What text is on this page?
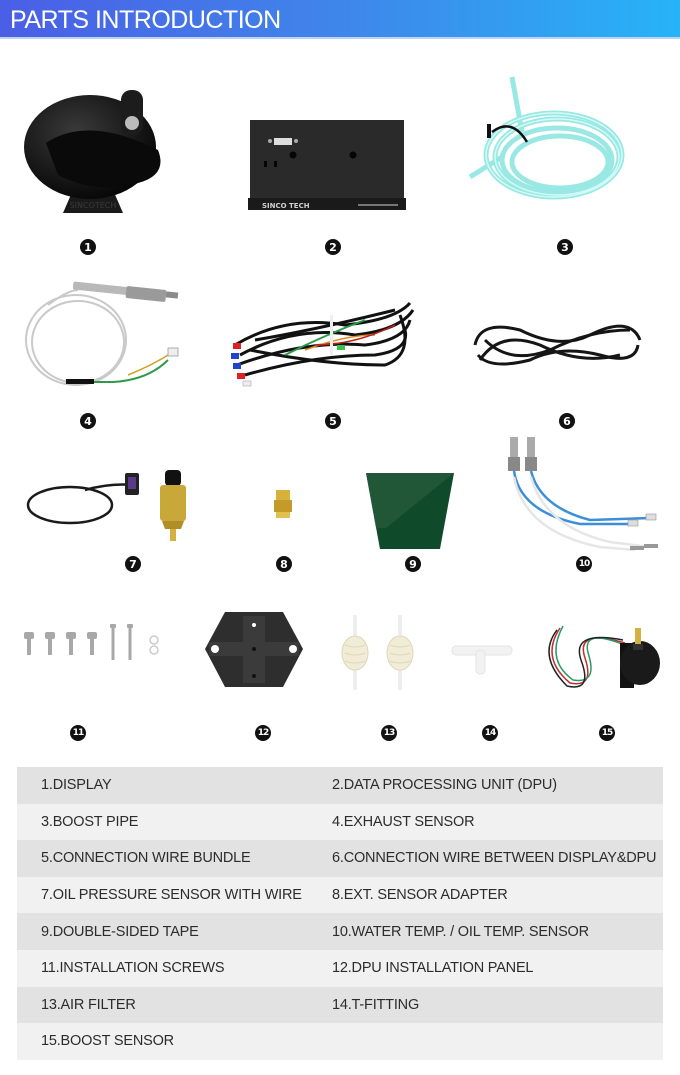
PARTS INTRODUCTION
SINCOTECH
1
SINCO TECH
2	3
4	5	6
7	8	9	10
11	12	13	14	15
1.DISPLAY	2.DATA PROCESSING UNIT (DPU)
3.BOOST PIPE	4.EXHAUST SENSOR
5.CONNECTION WIRE BUNDLE	6.CONNECTION WIRE BETWEEN DISPLAY&DPU
7.OIL PRESSURE SENSOR WITH WIRE	8.EXT. SENSOR ADAPTER
9.DOUBLE-SIDED TAPE	10.WATER TEMP. / OIL TEMP. SENSOR
11.INSTALLATION SCREWS	12.DPU INSTALLATION PANEL
13.AIR FILTER	14.T-FITTING
15.BOOST SENSOR
